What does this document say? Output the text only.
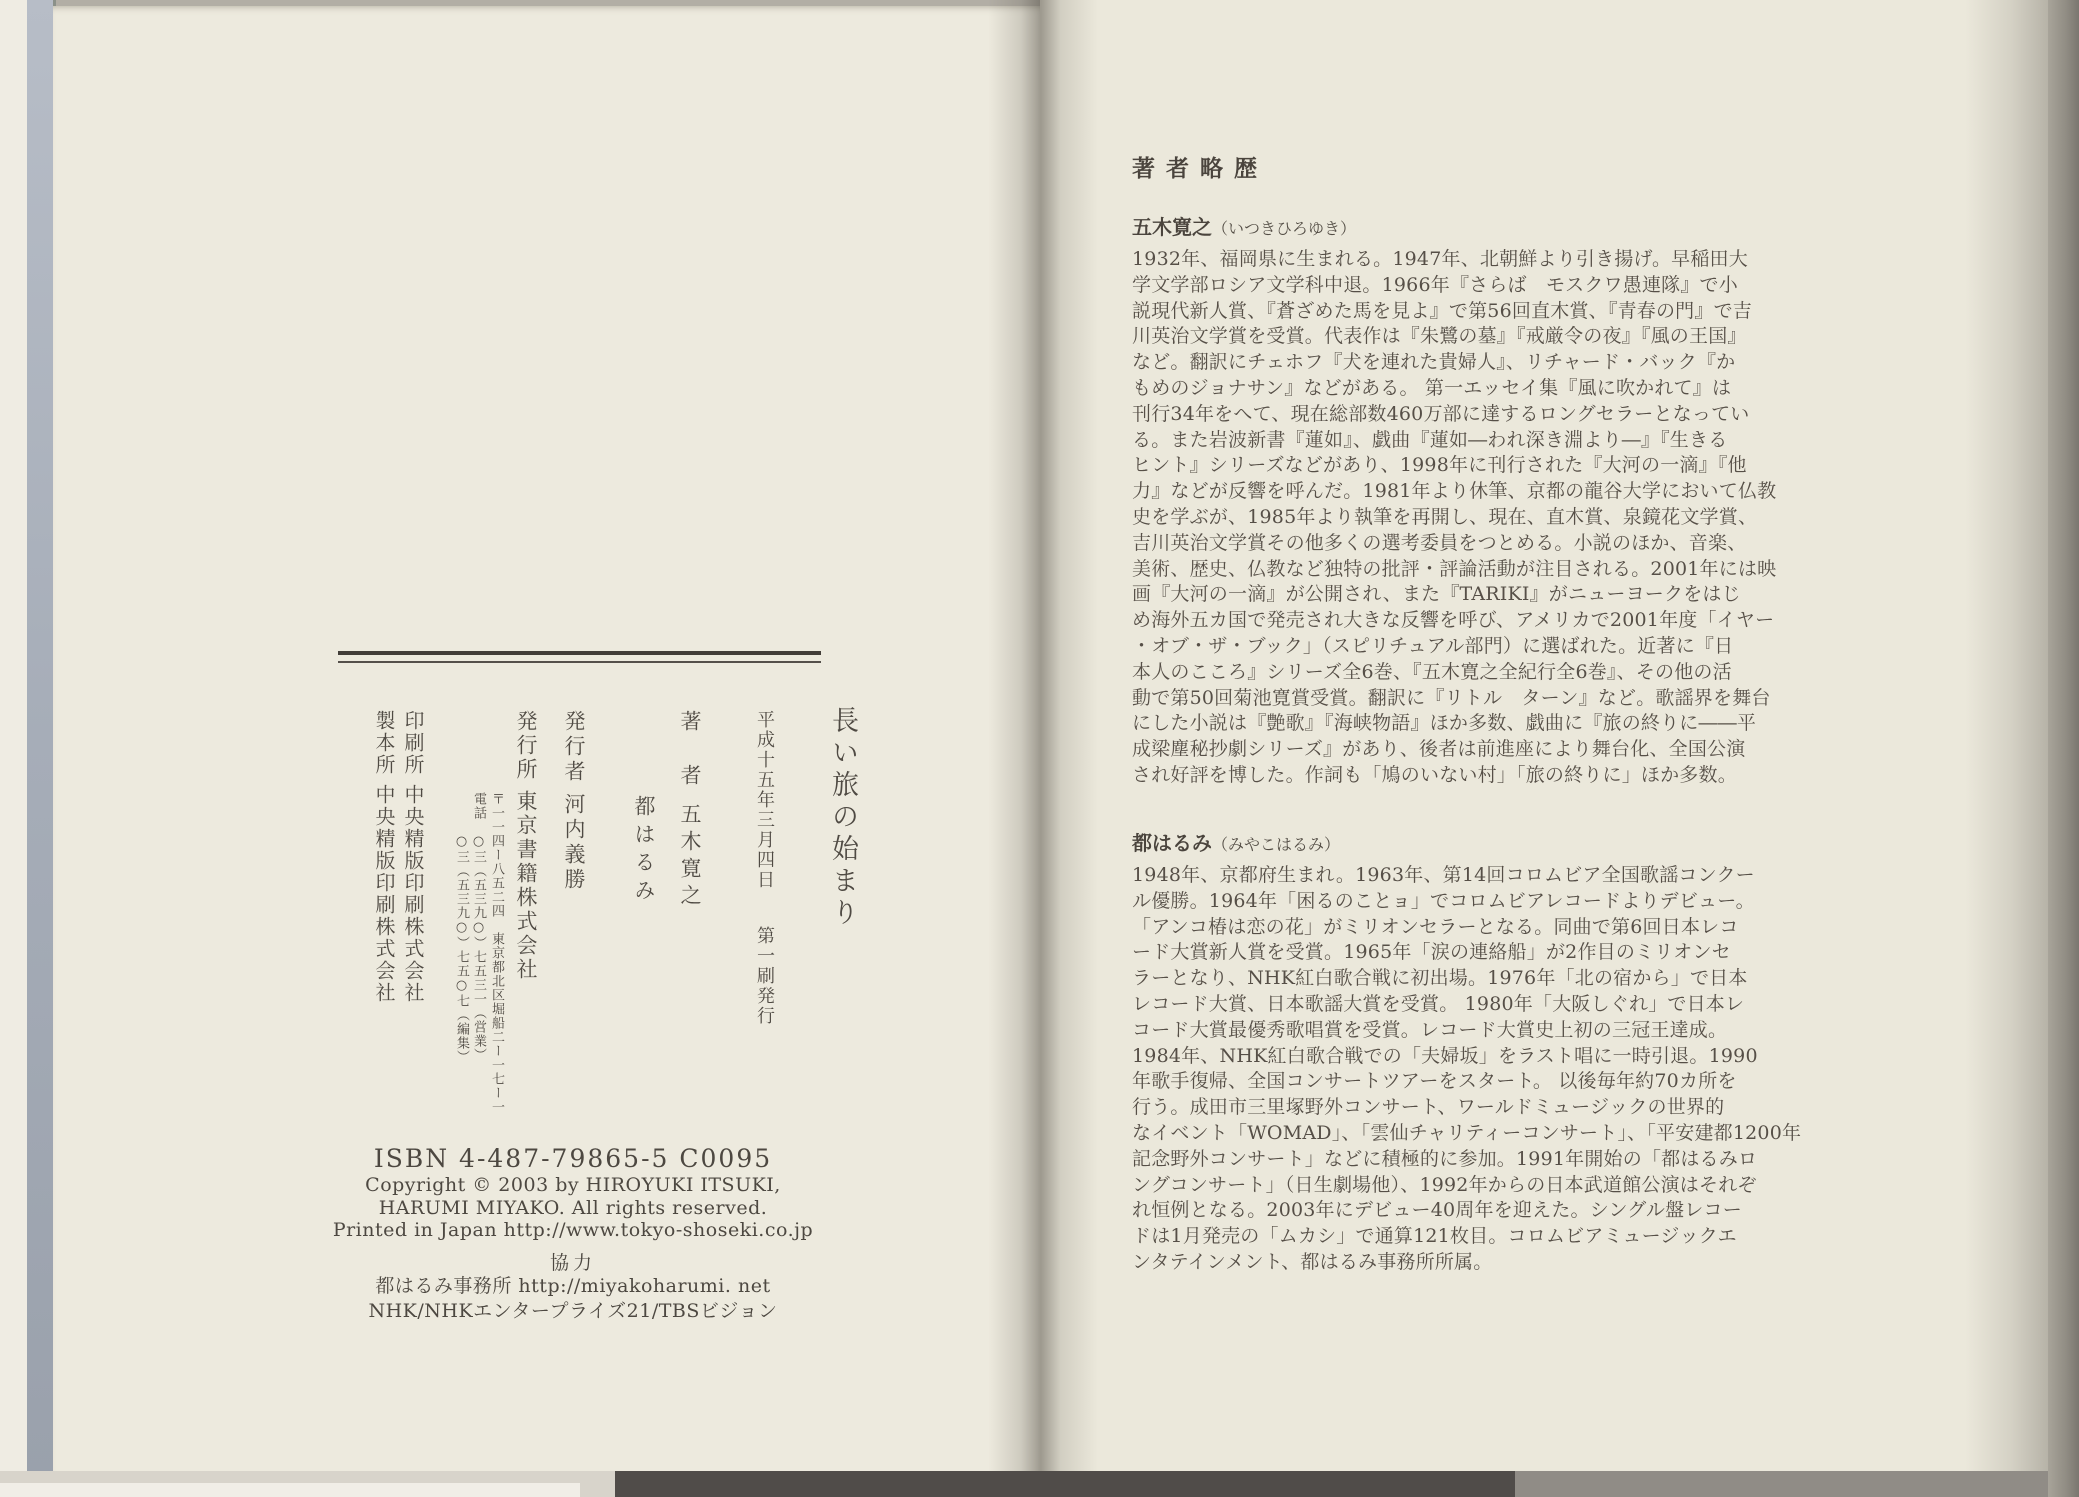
長い旅の始まり
平成十五年三月四日第一刷発行
著　者五木寛之
都はるみ
発行者河内義勝
発行所東京書籍株式会社
〒一一四ー八五二四　東京都北区堀船二ー一七ー一
電話　○三（五三九○）七五三一（営業）
○三（五三九○）七五○七（編集）
印刷所中央精版印刷株式会社
製本所中央精版印刷株式会社
ISBN 4-487-79865-5 C0095
Copyright © 2003 by HIROYUKI ITSUKI,
HARUMI MIYAKO. All rights reserved.
Printed in Japan http://www.tokyo-shoseki.co.jp
協力
都はるみ事務所 http://miyakoharumi. net
NHK/NHKエンタープライズ21/TBSビジョン
著者略歴
五木寛之（いつきひろゆき）
1932年、福岡県に生まれる。1947年、北朝鮮より引き揚げ。早稲田大
学文学部ロシア文学科中退。1966年『さらば　モスクワ愚連隊』で小
説現代新人賞、『蒼ざめた馬を見よ』で第56回直木賞、『青春の門』で吉
川英治文学賞を受賞。代表作は『朱鷺の墓』『戒厳令の夜』『風の王国』
など。翻訳にチェホフ『犬を連れた貴婦人』、リチャード・バック『か
もめのジョナサン』などがある。 第一エッセイ集『風に吹かれて』は
刊行34年をへて、現在総部数460万部に達するロングセラーとなってい
る。また岩波新書『蓮如』、戯曲『蓮如―われ深き淵より―』『生きる
ヒント』シリーズなどがあり、1998年に刊行された『大河の一滴』『他
力』などが反響を呼んだ。1981年より休筆、京都の龍谷大学において仏教
史を学ぶが、1985年より執筆を再開し、現在、直木賞、泉鏡花文学賞、
吉川英治文学賞その他多くの選考委員をつとめる。小説のほか、音楽、
美術、歴史、仏教など独特の批評・評論活動が注目される。2001年には映
画『大河の一滴』が公開され、また『TARIKI』がニューヨークをはじ
め海外五カ国で発売され大きな反響を呼び、アメリカで2001年度「イヤー
・オブ・ザ・ブック」（スピリチュアル部門）に選ばれた。近著に『日
本人のこころ』シリーズ全6巻、『五木寛之全紀行全6巻』、その他の活
動で第50回菊池寛賞受賞。翻訳に『リトル　ターン』など。歌謡界を舞台
にした小説は『艶歌』『海峡物語』ほか多数、戯曲に『旅の終りに――平
成梁塵秘抄劇シリーズ』があり、後者は前進座により舞台化、全国公演
され好評を博した。作詞も「鳩のいない村」「旅の終りに」ほか多数。
都はるみ（みやこはるみ）
1948年、京都府生まれ。1963年、第14回コロムビア全国歌謡コンクー
ル優勝。1964年「困るのことョ」でコロムビアレコードよりデビュー。
「アンコ椿は恋の花」がミリオンセラーとなる。同曲で第6回日本レコ
ード大賞新人賞を受賞。1965年「涙の連絡船」が2作目のミリオンセ
ラーとなり、NHK紅白歌合戦に初出場。1976年「北の宿から」で日本
レコード大賞、日本歌謡大賞を受賞。 1980年「大阪しぐれ」で日本レ
コード大賞最優秀歌唱賞を受賞。レコード大賞史上初の三冠王達成。
1984年、NHK紅白歌合戦での「夫婦坂」をラスト唱に一時引退。1990
年歌手復帰、全国コンサートツアーをスタート。 以後毎年約70カ所を
行う。成田市三里塚野外コンサート、ワールドミュージックの世界的
なイベント「WOMAD」、「雲仙チャリティーコンサート」、「平安建都1200年
記念野外コンサート」などに積極的に参加。1991年開始の「都はるみロ
ングコンサート」（日生劇場他）、1992年からの日本武道館公演はそれぞ
れ恒例となる。2003年にデビュー40周年を迎えた。シングル盤レコー
ドは1月発売の「ムカシ」で通算121枚目。コロムビアミュージックエ
ンタテインメント、都はるみ事務所所属。
